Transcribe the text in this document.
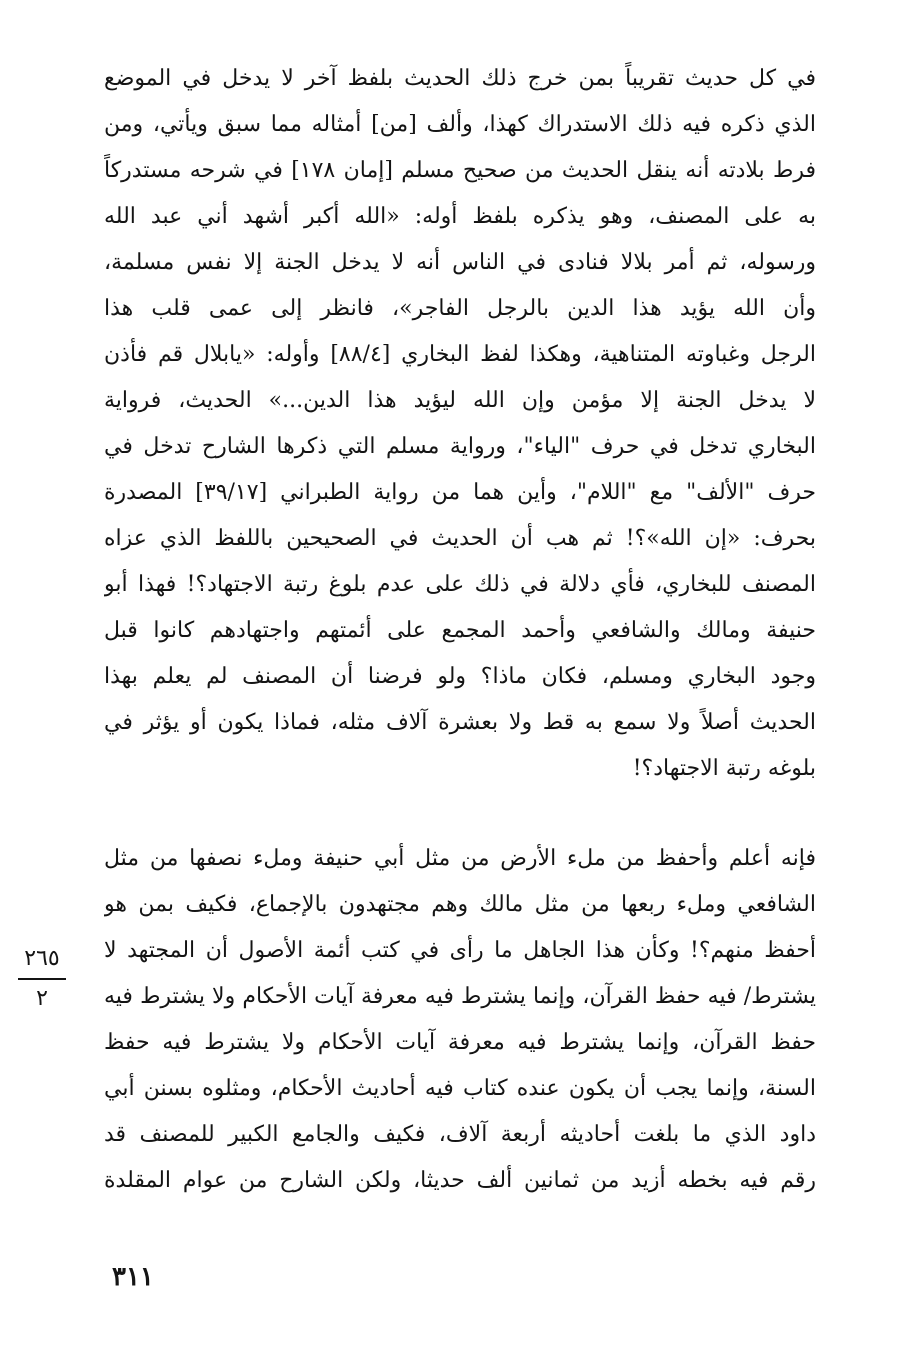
في كل حديث تقريباً بمن خرج ذلك الحديث بلفظ آخر لا يدخل في الموضع
الذي ذكره فيه ذلك الاستدراك كهذا، وألف [من] أمثاله مما سبق ويأتي، ومن
فرط بلادته أنه ينقل الحديث من صحيح مسلم [إمان ١٧٨] في شرحه مستدركاً
به على المصنف، وهو يذكره بلفظ أوله: «الله أكبر أشهد أني عبد الله
ورسوله، ثم أمر بلالا فنادى في الناس أنه لا يدخل الجنة إلا نفس مسلمة،
وأن الله يؤيد هذا الدين بالرجل الفاجر»، فانظر إلى عمى قلب هذا
الرجل وغباوته المتناهية، وهكذا لفظ البخاري [٨٨/٤] وأوله: «يابلال قم فأذن
لا يدخل الجنة إلا مؤمن وإن الله ليؤيد هذا الدين...» الحديث، فرواية
البخاري تدخل في حرف "الياء"، ورواية مسلم التي ذكرها الشارح تدخل في
حرف "الألف" مع "اللام"، وأين هما من رواية الطبراني [٣٩/١٧] المصدرة
بحرف: «إن الله»؟! ثم هب أن الحديث في الصحيحين باللفظ الذي عزاه
المصنف للبخاري، فأي دلالة في ذلك على عدم بلوغ رتبة الاجتهاد؟! فهذا أبو
حنيفة ومالك والشافعي وأحمد المجمع على أئمتهم واجتهادهم كانوا قبل
وجود البخاري ومسلم، فكان ماذا؟ ولو فرضنا أن المصنف لم يعلم بهذا
الحديث أصلاً ولا سمع به قط ولا بعشرة آلاف مثله، فماذا يكون أو يؤثر في
بلوغه رتبة الاجتهاد؟!
فإنه أعلم وأحفظ من ملء الأرض من مثل أبي حنيفة وملء نصفها من مثل
الشافعي وملء ربعها من مثل مالك وهم مجتهدون بالإجماع، فكيف بمن هو
أحفظ منهم؟! وكأن هذا الجاهل ما رأى في كتب أئمة الأصول أن المجتهد لا
يشترط/ فيه حفظ القرآن، وإنما يشترط فيه معرفة آيات الأحكام ولا يشترط فيه
حفظ القرآن، وإنما يشترط فيه معرفة آيات الأحكام ولا يشترط فيه حفظ
السنة، وإنما يجب أن يكون عنده كتاب فيه أحاديث الأحكام، ومثلوه بسنن أبي
داود الذي ما بلغت أحاديثه أربعة آلاف، فكيف والجامع الكبير للمصنف قد
رقم فيه بخطه أزيد من ثمانين ألف حديثا، ولكن الشارح من عوام المقلدة
٢٦٥
٢
٣١١
